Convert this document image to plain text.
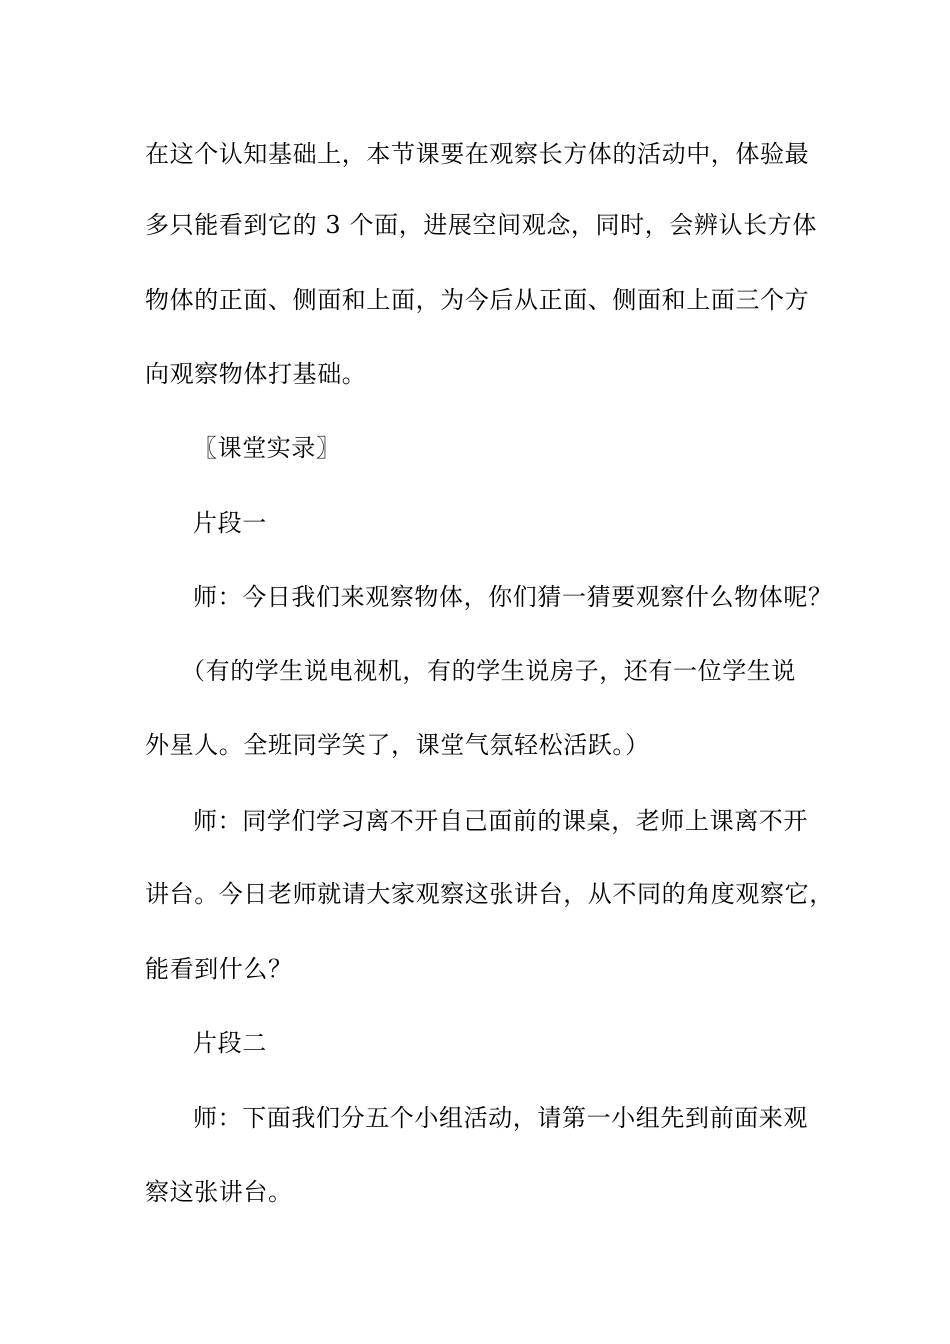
在这个认知基础上，本节课要在观察长方体的活动中，体验最
多只能看到它的 3 个面，进展空间观念，同时，会辨认长方体
物体的正面、侧面和上面，为今后从正面、侧面和上面三个方
向观察物体打基础。
〖课堂实录〗
片段一
师：今日我们来观察物体，你们猜一猜要观察什么物体呢？
（有的学生说电视机，有的学生说房子，还有一位学生说
外星人。全班同学笑了，课堂气氛轻松活跃。）
师：同学们学习离不开自己面前的课桌，老师上课离不开
讲台。今日老师就请大家观察这张讲台，从不同的角度观察它，
能看到什么？
片段二
师：下面我们分五个小组活动，请第一小组先到前面来观
察这张讲台。
